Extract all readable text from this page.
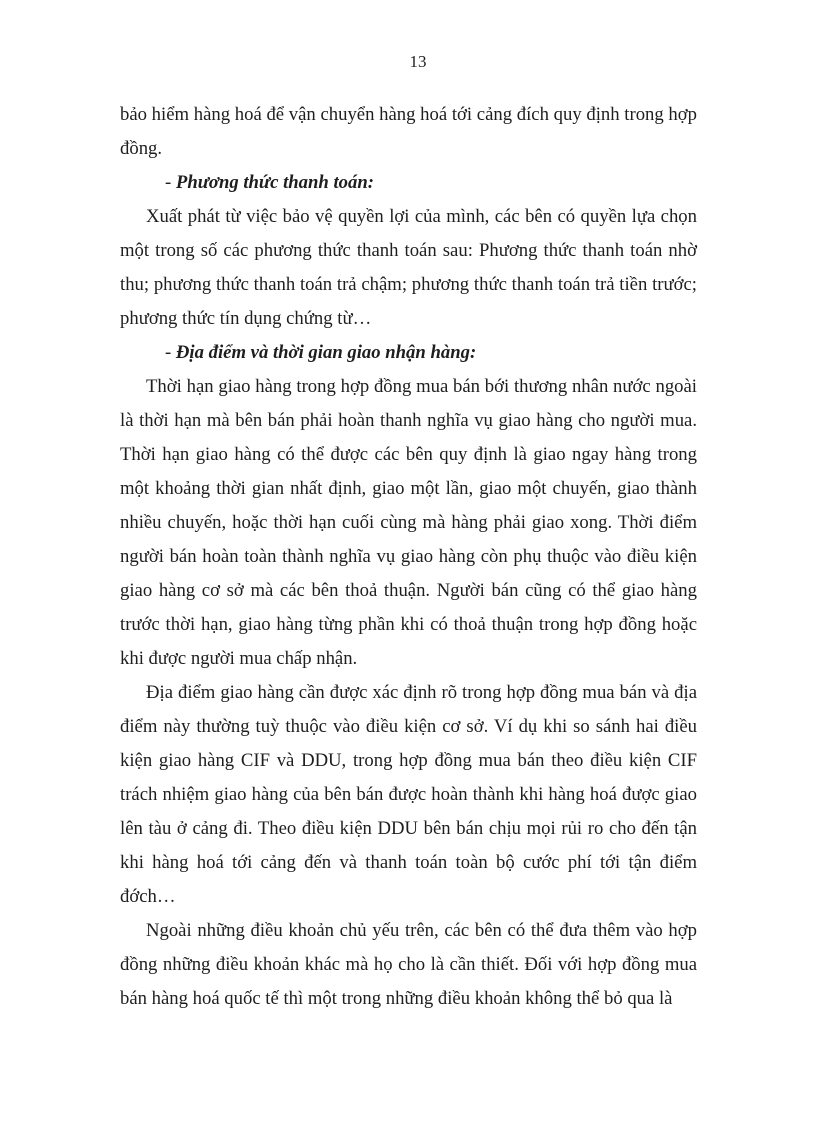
13

bảo hiểm hàng hoá để vận chuyển hàng hoá tới cảng đích quy định trong hợp đồng.

- Phương thức thanh toán:

Xuất phát từ việc bảo vệ quyền lợi của mình, các bên có quyền lựa chọn một trong số các phương thức thanh toán sau: Phương thức thanh toán nhờ thu; phương thức thanh toán trả chậm; phương thức thanh toán trả tiền trước; phương thức tín dụng chứng từ…

- Địa điểm và thời gian giao nhận hàng:

Thời hạn giao hàng trong hợp đồng mua bán bới thương nhân nước ngoài là thời hạn mà bên bán phải hoàn thanh nghĩa vụ giao hàng cho người mua. Thời hạn giao hàng có thể được các bên quy định là giao ngay hàng trong một khoảng thời gian nhất định, giao một lần, giao một chuyến, giao thành nhiều chuyến, hoặc thời hạn cuối cùng mà hàng phải giao xong. Thời điểm người bán hoàn toàn thành nghĩa vụ giao hàng còn phụ thuộc vào điều kiện giao hàng cơ sở mà các bên thoả thuận. Người bán cũng có thể giao hàng trước thời hạn, giao hàng từng phần khi có thoả thuận trong hợp đồng hoặc khi được người mua chấp nhận.

Địa điểm giao hàng cần được xác định rõ trong hợp đồng mua bán và địa điểm này thường tuỳ thuộc vào điều kiện cơ sở. Ví dụ khi so sánh hai điều kiện giao hàng CIF và DDU, trong hợp đồng mua bán theo điều kiện CIF trách nhiệm giao hàng của bên bán được hoàn thành khi hàng hoá được giao lên tàu ở cảng đi. Theo điều kiện DDU bên bán chịu mọi rủi ro cho đến tận khi hàng hoá tới cảng đến và thanh toán toàn bộ cước phí tới tận điểm đớch…

Ngoài những điều khoản chủ yếu trên, các bên có thể đưa thêm vào hợp đồng những điều khoản khác mà họ cho là cần thiết. Đối với hợp đồng mua bán hàng hoá quốc tế thì một trong những điều khoản không thể bỏ qua là
